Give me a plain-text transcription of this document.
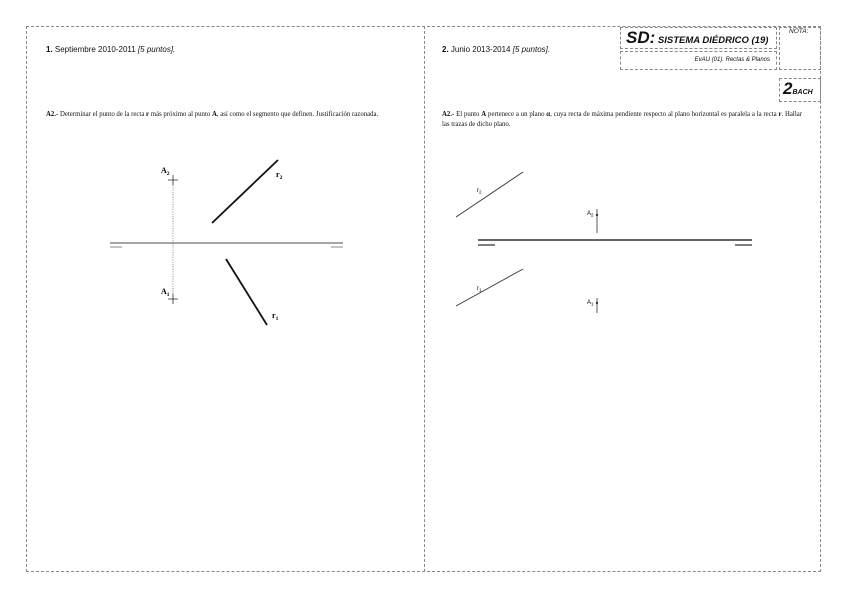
SD: SISTEMA DIÉDRICO (19)
EvAU (01). Rectas & Planos
NOTA:
2BACH
1. Septiembre 2010-2011 [5 puntos].
A2.- Determinar el punto de la recta r más próximo al punto A, así como el segmento que definen. Justificación razonada.
2. Junio 2013-2014 [5 puntos].
A2.- El punto A pertenece a un plano α, cuya recta de máxima pendiente respecto al plano horizontal es paralela a la recta r. Hallar las trazas de dicho plano.
$A_2$
$A_1$
$r_2$
$r_1$
$r_2$
$r_1$
$A_2$
$A_1$
